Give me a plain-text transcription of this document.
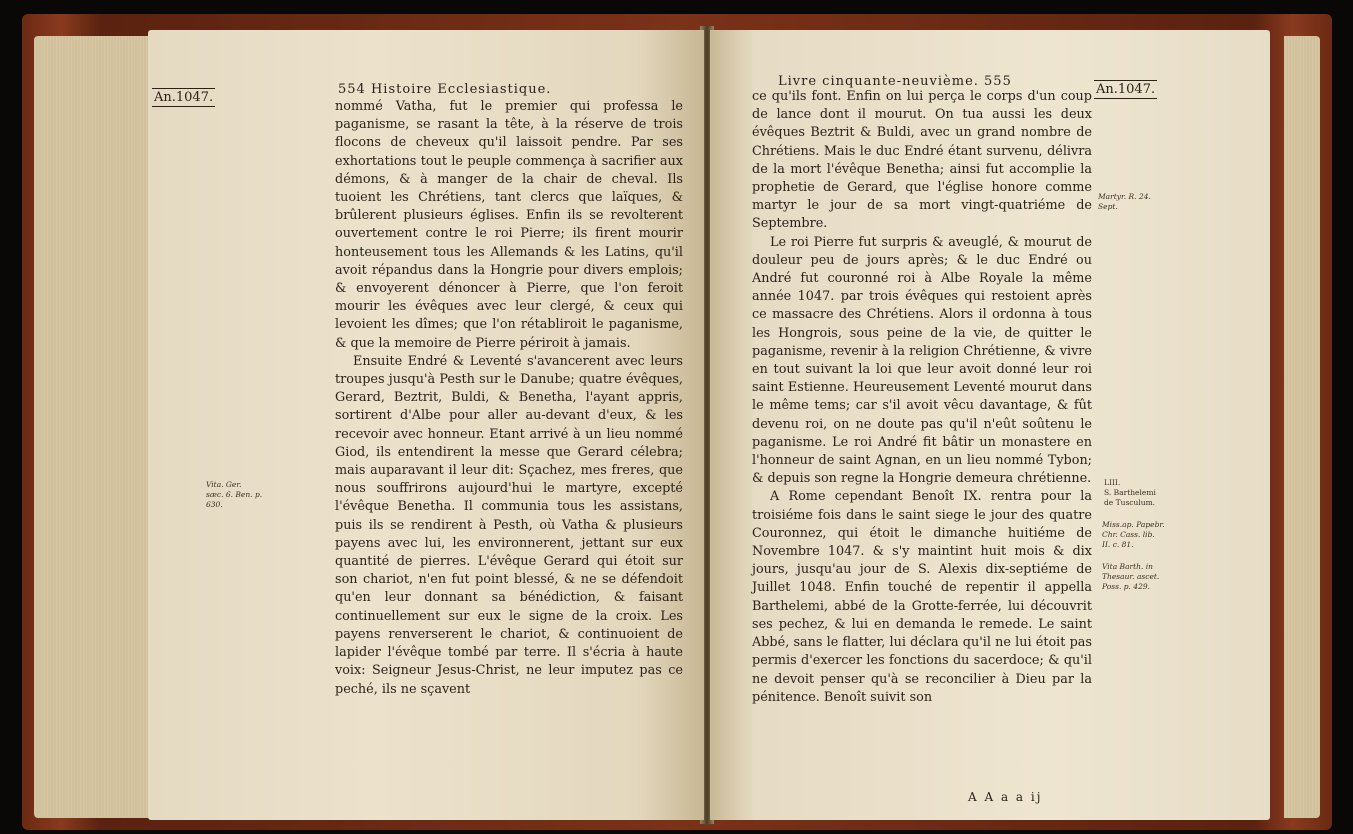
554 Histoire Ecclesiastique.
An.1047.
Vita. Ger.
sæc. 6. Ben. p.
630.

nommé Vatha, fut le premier qui professa le paganisme, se rasant la tête, à la réserve de trois flocons de cheveux qu'il laissoit pendre. Par ses exhortations tout le peuple commença à sacrifier aux démons, & à manger de la chair de cheval. Ils tuoient les Chrétiens, tant clercs que laïques, & brûlerent plusieurs églises. Enfin ils se revolterent ouvertement contre le roi Pierre; ils firent mourir honteusement tous les Allemands & les Latins, qu'il avoit répandus dans la Hongrie pour divers emplois; & envoyerent dénoncer à Pierre, que l'on feroit mourir les évêques avec leur clergé, & ceux qui levoient les dîmes; que l'on rétabliroit le paganisme, & que la memoire de Pierre périroit à jamais.

Ensuite Endré & Leventé s'avancerent avec leurs troupes jusqu'à Pesth sur le Danube; quatre évêques, Gerard, Beztrit, Buldi, & Benetha, l'ayant appris, sortirent d'Albe pour aller au-devant d'eux, & les recevoir avec honneur. Etant arrivé à un lieu nommé Giod, ils entendirent la messe que Gerard célebra; mais auparavant il leur dit: Sçachez, mes freres, que nous souffrirons aujourd'hui le martyre, excepté l'évêque Benetha. Il communia tous les assistans, puis ils se rendirent à Pesth, où Vatha & plusieurs payens avec lui, les environnerent, jettant sur eux quantité de pierres. L'évêque Gerard qui étoit sur son chariot, n'en fut point blessé, & ne se défendoit qu'en leur donnant sa bénédiction, & faisant continuellement sur eux le signe de la croix. Les payens renverserent le chariot, & continuoient de lapider l'évêque tombé par terre. Il s'écria à haute voix: Seigneur Jesus-Christ, ne leur imputez pas ce peché, ils ne sçavent

Livre cinquante-neuvième. 555
An.1047.
Martyr. R. 24.
Sept.
LIII.
S. Barthelemi
de Tusculum.
Miss.ap. Papebr.
Chr. Cass. lib.
II. c. 81.
Vita Barth. in
Thesaur. ascet.
Poss. p. 429.

ce qu'ils font. Enfin on lui perça le corps d'un coup de lance dont il mourut. On tua aussi les deux évêques Beztrit & Buldi, avec un grand nombre de Chrétiens. Mais le duc Endré étant survenu, délivra de la mort l'évêque Benetha; ainsi fut accomplie la prophetie de Gerard, que l'église honore comme martyr le jour de sa mort vingt-quatriéme de Septembre.

Le roi Pierre fut surpris & aveuglé, & mourut de douleur peu de jours après; & le duc Endré ou André fut couronné roi à Albe Royale la même année 1047. par trois évêques qui restoient après ce massacre des Chrétiens. Alors il ordonna à tous les Hongrois, sous peine de la vie, de quitter le paganisme, revenir à la religion Chrétienne, & vivre en tout suivant la loi que leur avoit donné leur roi saint Estienne. Heureusement Leventé mourut dans le même tems; car s'il avoit vêcu davantage, & fût devenu roi, on ne doute pas qu'il n'eût soûtenu le paganisme. Le roi André fit bâtir un monastere en l'honneur de saint Agnan, en un lieu nommé Tybon; & depuis son regne la Hongrie demeura chrétienne.

A Rome cependant Benoît IX. rentra pour la troisiéme fois dans le saint siege le jour des quatre Couronnez, qui étoit le dimanche huitiéme de Novembre 1047. & s'y maintint huit mois & dix jours, jusqu'au jour de S. Alexis dix-septiéme de Juillet 1048. Enfin touché de repentir il appella Barthelemi, abbé de la Grotte-ferrée, lui découvrit ses pechez, & lui en demanda le remede. Le saint Abbé, sans le flatter, lui déclara qu'il ne lui étoit pas permis d'exercer les fonctions du sacerdoce; & qu'il ne devoit penser qu'à se reconcilier à Dieu par la pénitence. Benoît suivit son

A A a a ij
